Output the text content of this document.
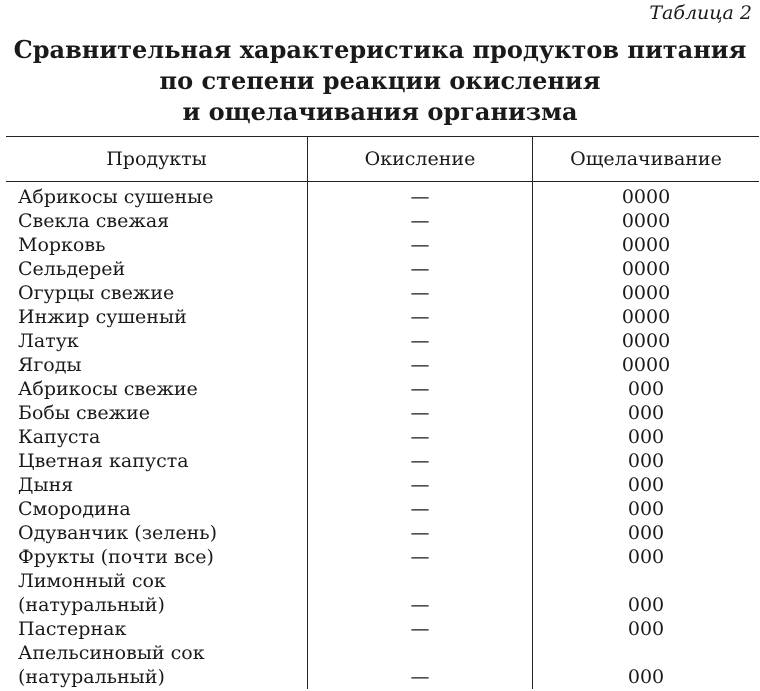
Таблица 2
Сравнительная характеристика продуктов питания
по степени реакции окисления
и ощелачивания организма
Продукты	Окисление	Ощелачивание
Абрикосы сушеные	—	0000
Свекла свежая	—	0000
Морковь	—	0000
Сельдерей	—	0000
Огурцы свежие	—	0000
Инжир сушеный	—	0000
Латук	—	0000
Ягоды	—	0000
Абрикосы свежие	—	000
Бобы свежие	—	000
Капуста	—	000
Цветная капуста	—	000
Дыня	—	000
Смородина	—	000
Одуванчик (зелень)	—	000
Фрукты (почти все)	—	000
Лимонный сок		
(натуральный)	—	000
Пастернак	—	000
Апельсиновый сок		
(натуральный)	—	000
